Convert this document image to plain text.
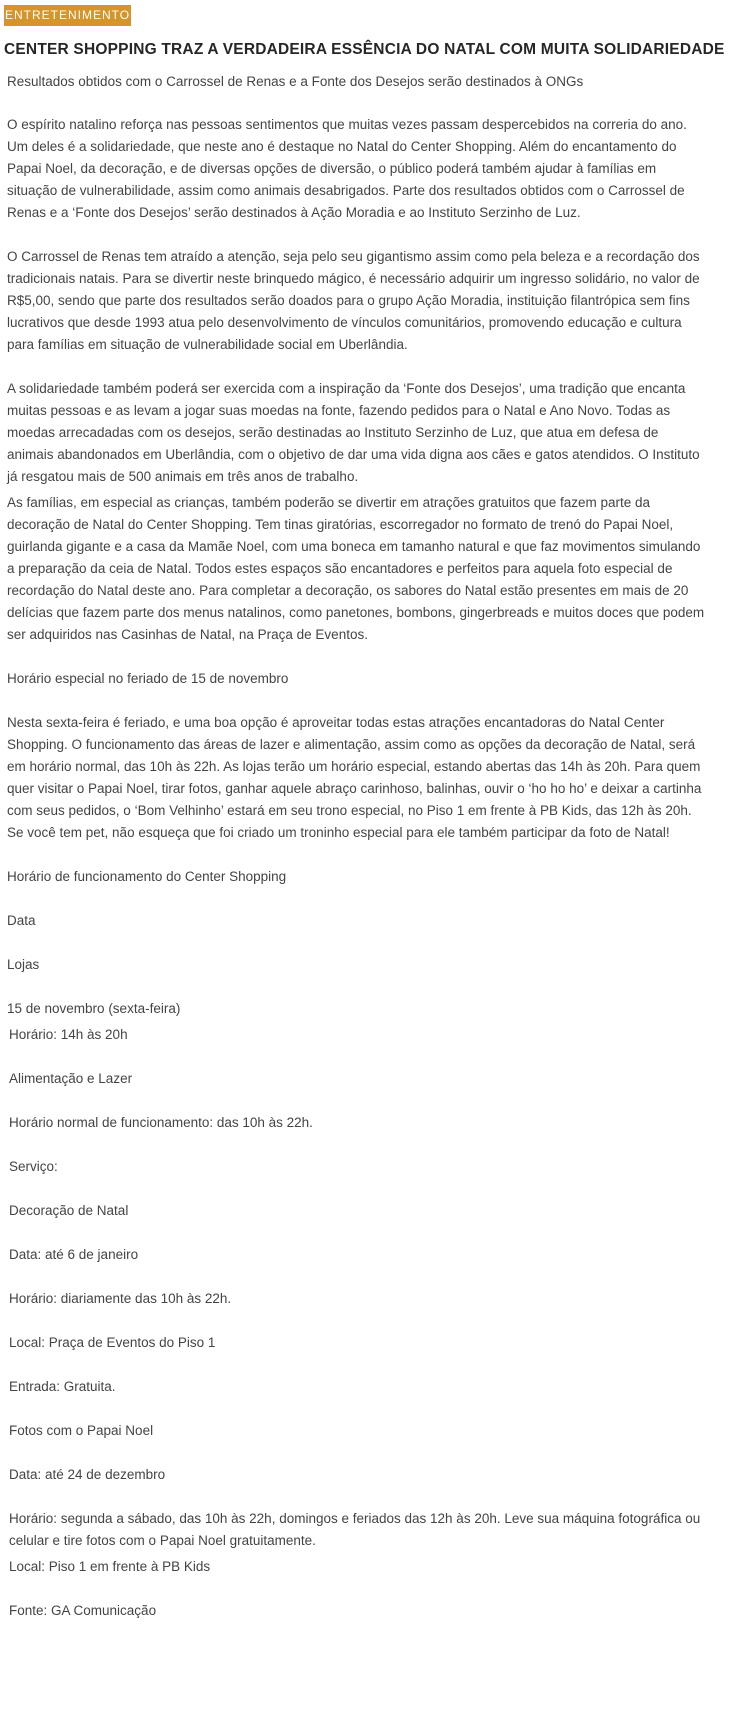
ENTRETENIMENTO
CENTER SHOPPING TRAZ A VERDADEIRA ESSÊNCIA DO NATAL COM MUITA SOLIDARIEDADE
Resultados obtidos com o Carrossel de Renas e a Fonte dos Desejos serão destinados à ONGs

O espírito natalino reforça nas pessoas sentimentos que muitas vezes passam despercebidos na correria do ano. Um deles é a solidariedade, que neste ano é destaque no Natal do Center Shopping. Além do encantamento do Papai Noel, da decoração, e de diversas opções de diversão, o público poderá também ajudar à famílias em situação de vulnerabilidade, assim como animais desabrigados. Parte dos resultados obtidos com o Carrossel de Renas e a ‘Fonte dos Desejos’ serão destinados à Ação Moradia e ao Instituto Serzinho de Luz.

O Carrossel de Renas tem atraído a atenção, seja pelo seu gigantismo assim como pela beleza e a recordação dos tradicionais natais. Para se divertir neste brinquedo mágico, é necessário adquirir um ingresso solidário, no valor de R$5,00, sendo que parte dos resultados serão doados para o grupo Ação Moradia, instituição filantrópica sem fins lucrativos que desde 1993 atua pelo desenvolvimento de vínculos comunitários, promovendo educação e cultura para famílias em situação de vulnerabilidade social em Uberlândia.

A solidariedade também poderá ser exercida com a inspiração da ‘Fonte dos Desejos’, uma tradição que encanta muitas pessoas e as levam a jogar suas moedas na fonte, fazendo pedidos para o Natal e Ano Novo. Todas as moedas arrecadadas com os desejos, serão destinadas ao Instituto Serzinho de Luz, que atua em defesa de animais abandonados em Uberlândia, com o objetivo de dar uma vida digna aos cães e gatos atendidos. O Instituto já resgatou mais de 500 animais em três anos de trabalho.

As famílias, em especial as crianças, também poderão se divertir em atrações gratuitos que fazem parte da decoração de Natal do Center Shopping. Tem tinas giratórias, escorregador no formato de trenó do Papai Noel, guirlanda gigante e a casa da Mamãe Noel, com uma boneca em tamanho natural e que faz movimentos simulando a preparação da ceia de Natal. Todos estes espaços são encantadores e perfeitos para aquela foto especial de recordação do Natal deste ano. Para completar a decoração, os sabores do Natal estão presentes em mais de 20 delícias que fazem parte dos menus natalinos, como panetones, bombons, gingerbreads e muitos doces que podem ser adquiridos nas Casinhas de Natal, na Praça de Eventos.

Horário especial no feriado de 15 de novembro

Nesta sexta-feira é feriado, e uma boa opção é aproveitar todas estas atrações encantadoras do Natal Center Shopping. O funcionamento das áreas de lazer e alimentação, assim como as opções da decoração de Natal, será em horário normal, das 10h às 22h. As lojas terão um horário especial, estando abertas das 14h às 20h. Para quem quer visitar o Papai Noel, tirar fotos, ganhar aquele abraço carinhoso, balinhas, ouvir o ‘ho ho ho’ e deixar a cartinha com seus pedidos, o ‘Bom Velhinho’ estará em seu trono especial, no Piso 1 em frente à PB Kids, das 12h às 20h. Se você tem pet, não esqueça que foi criado um troninho especial para ele também participar da foto de Natal!

Horário de funcionamento do Center Shopping

Data

Lojas

15 de novembro (sexta-feira)

Horário: 14h às 20h

Alimentação e Lazer

Horário normal de funcionamento: das 10h às 22h.

Serviço:

Decoração de Natal

Data: até 6 de janeiro

Horário: diariamente das 10h às 22h.

Local: Praça de Eventos do Piso 1

Entrada: Gratuita.

Fotos com o Papai Noel

Data: até 24 de dezembro

Horário: segunda a sábado, das 10h às 22h, domingos e feriados das 12h às 20h. Leve sua máquina fotográfica ou celular e tire fotos com o Papai Noel gratuitamente.

Local: Piso 1 em frente à PB Kids

Fonte: GA Comunicação
